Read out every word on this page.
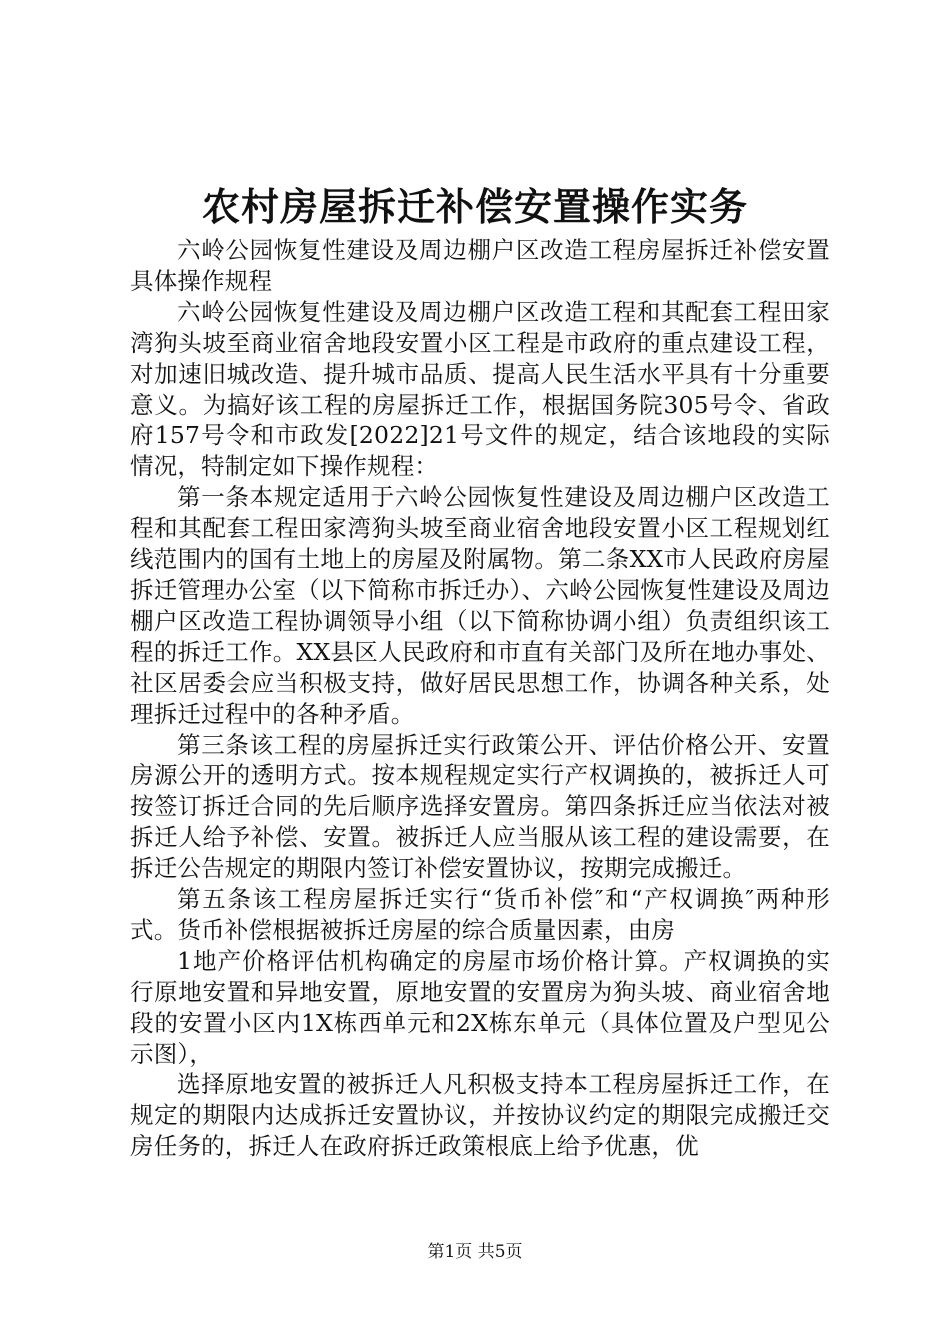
农村房屋拆迁补偿安置操作实务

六岭公园恢复性建设及周边棚户区改造工程房屋拆迁补偿安置具体操作规程

六岭公园恢复性建设及周边棚户区改造工程和其配套工程田家湾狗头坡至商业宿舍地段安置小区工程是市政府的重点建设工程，对加速旧城改造、提升城市品质、提高人民生活水平具有十分重要意义。为搞好该工程的房屋拆迁工作，根据国务院305号令、省政府157号令和市政发[2022]21号文件的规定，结合该地段的实际情况，特制定如下操作规程：

第一条本规定适用于六岭公园恢复性建设及周边棚户区改造工程和其配套工程田家湾狗头坡至商业宿舍地段安置小区工程规划红线范围内的国有土地上的房屋及附属物。第二条XX市人民政府房屋拆迁管理办公室（以下简称市拆迁办）、六岭公园恢复性建设及周边棚户区改造工程协调领导小组（以下简称协调小组）负责组织该工程的拆迁工作。XX县区人民政府和市直有关部门及所在地办事处、社区居委会应当积极支持，做好居民思想工作，协调各种关系，处理拆迁过程中的各种矛盾。

第三条该工程的房屋拆迁实行政策公开、评估价格公开、安置房源公开的透明方式。按本规程规定实行产权调换的，被拆迁人可按签订拆迁合同的先后顺序选择安置房。第四条拆迁应当依法对被拆迁人给予补偿、安置。被拆迁人应当服从该工程的建设需要，在拆迁公告规定的期限内签订补偿安置协议，按期完成搬迁。

第五条该工程房屋拆迁实行“货币补偿″和“产权调换″两种形式。货币补偿根据被拆迁房屋的综合质量因素，由房

1地产价格评估机构确定的房屋市场价格计算。产权调换的实行原地安置和异地安置，原地安置的安置房为狗头坡、商业宿舍地段的安置小区内1X栋西单元和2X栋东单元（具体位置及户型见公示图），

选择原地安置的被拆迁人凡积极支持本工程房屋拆迁工作，在规定的期限内达成拆迁安置协议，并按协议约定的期限完成搬迁交房任务的，拆迁人在政府拆迁政策根底上给予优惠，优

第1页 共5页
